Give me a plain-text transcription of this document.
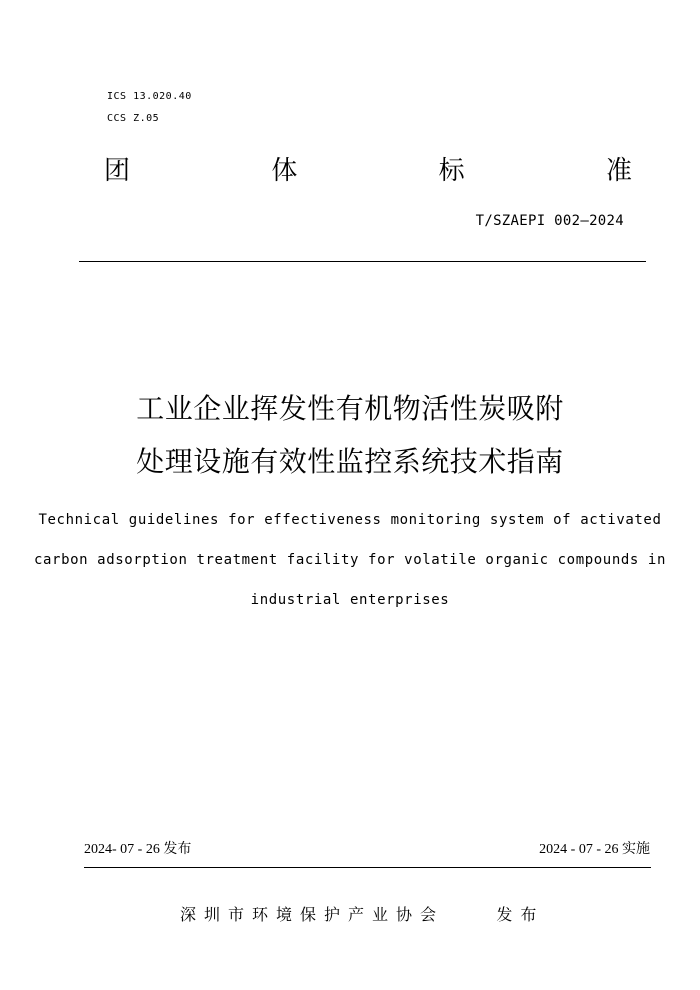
ICS 13.020.40
CCS Z.05
团	体	标	准
T/SZAEPI 002—2024
工业企业挥发性有机物活性炭吸附
处理设施有效性监控系统技术指南
Technical guidelines for effectiveness monitoring system of activated
carbon adsorption treatment facility for volatile organic compounds in
industrial enterprises
2024- 07 - 26 发布	2024 - 07 - 26 实施
深圳市环境保护产业协会	发布
